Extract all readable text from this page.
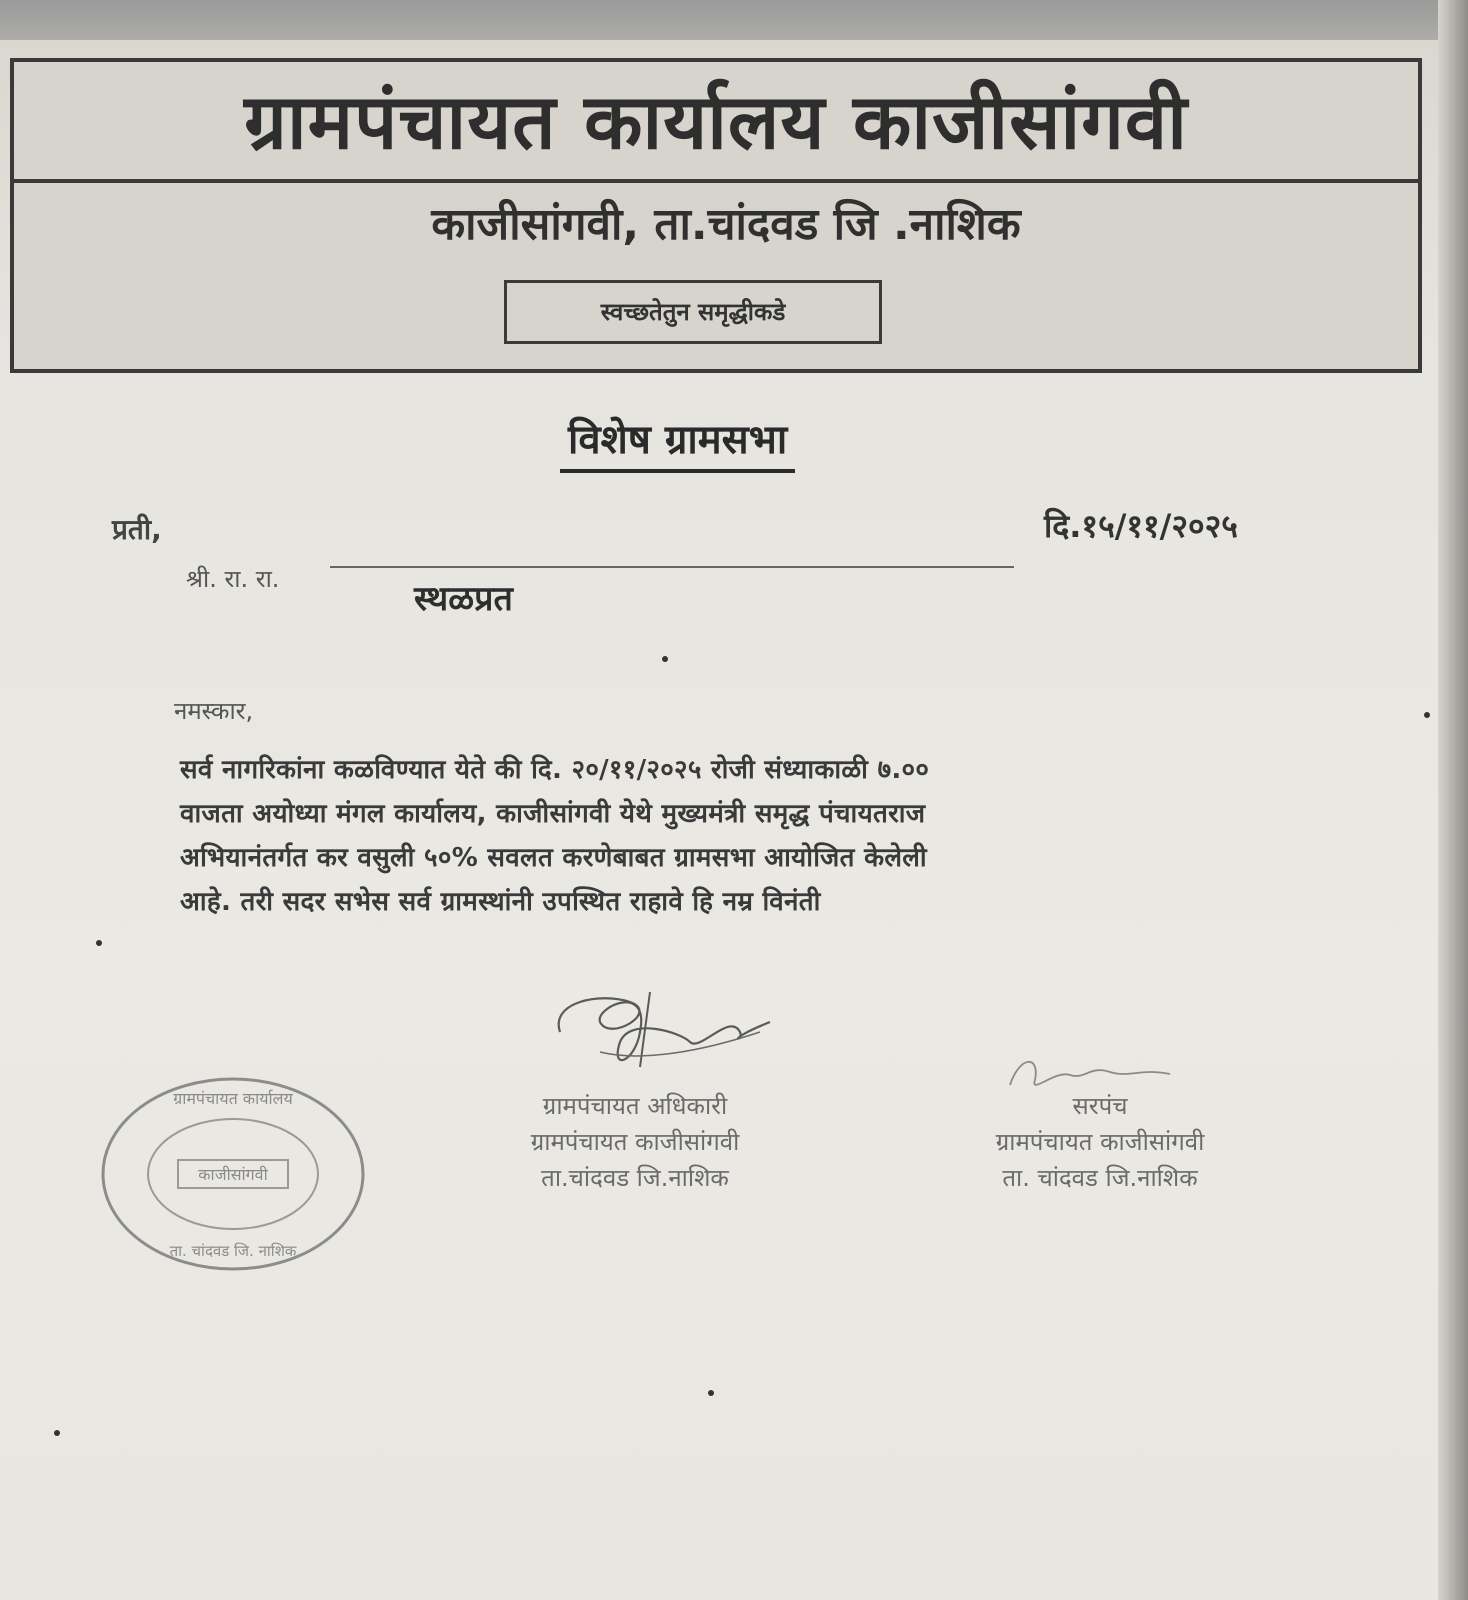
ग्रामपंचायत कार्यालय काजीसांगवी
काजीसांगवी, ता.चांदवड जि .नाशिक
स्वच्छतेतुन समृद्धीकडे
विशेष ग्रामसभा
प्रती,	दि.१५/११/२०२५
श्री. रा. रा.	स्थळप्रत
नमस्कार,
सर्व नागरिकांना कळविण्यात येते की दि. २०/११/२०२५ रोजी संध्याकाळी ७.००
वाजता अयोध्या मंगल कार्यालय, काजीसांगवी येथे मुख्यमंत्री समृद्ध पंचायतराज
अभियानंतर्गत कर वसुली ५०% सवलत करणेबाबत ग्रामसभा आयोजित केलेली
आहे. तरी सदर सभेस सर्व ग्रामस्थांनी उपस्थित राहावे हि नम्र विनंती
ग्रामपंचायत अधिकारी
ग्रामपंचायत काजीसांगवी
ता.चांदवड जि.नाशिक
सरपंच
ग्रामपंचायत काजीसांगवी
ता. चांदवड जि.नाशिक
काजीसांगवी
ग्रामपंचायत कार्यालय
ता. चांदवड जि. नाशिक
